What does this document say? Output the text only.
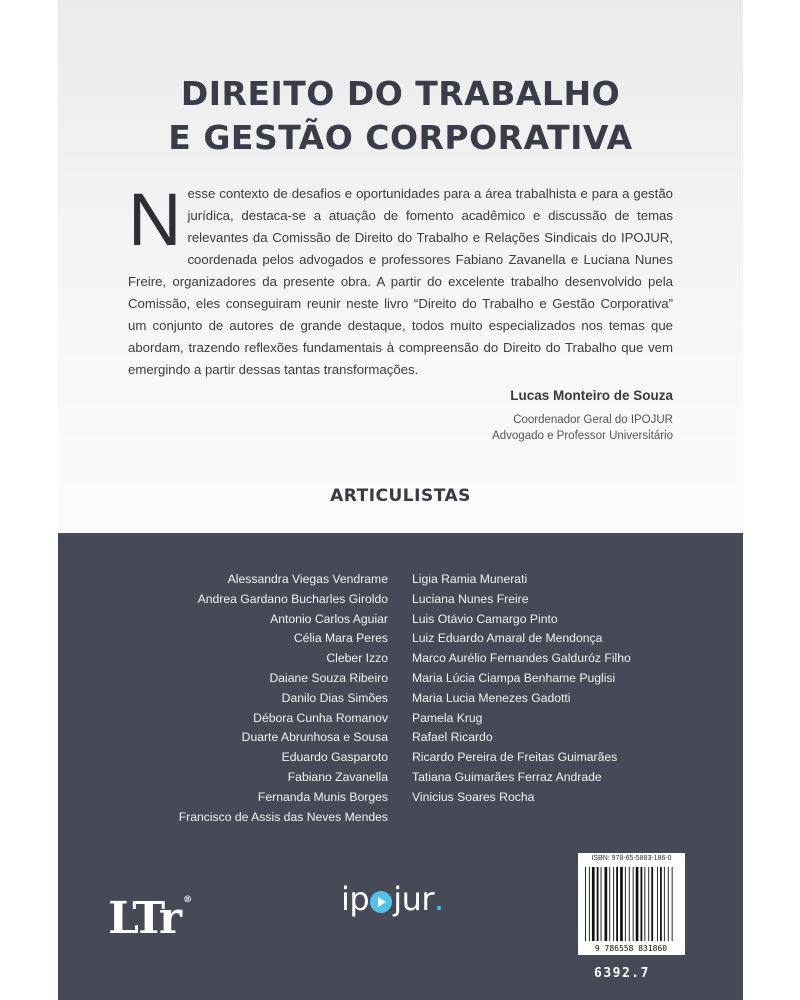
DIREITO DO TRABALHO
E GESTÃO CORPORATIVA
Nesse contexto de desafios e oportunidades para a área trabalhista e para a gestão jurídica, destaca-se a atuação de fomento acadêmico e discussão de temas relevantes da Comissão de Direito do Trabalho e Relações Sindicais do IPOJUR, coordenada pelos advogados e professores Fabiano Zavanella e Luciana Nunes Freire, organizadores da presente obra. A partir do excelente trabalho desenvolvido pela Comissão, eles conseguiram reunir neste livro “Direito do Trabalho e Gestão Corporativa” um conjunto de autores de grande destaque, todos muito especializados nos temas que abordam, trazendo reflexões fundamentais à compreensão do Direito do Trabalho que vem emergindo a partir dessas tantas transformações.
Lucas Monteiro de Souza
Coordenador Geral do IPOJUR
Advogado e Professor Universitário
ARTICULISTAS
Alessandra Viegas Vendrame
Andrea Gardano Bucharles Giroldo
Antonio Carlos Aguiar
Célia Mara Peres
Cleber Izzo
Daiane Souza Ribeiro
Danilo Dias Simões
Débora Cunha Romanov
Duarte Abrunhosa e Sousa
Eduardo Gasparoto
Fabiano Zavanella
Fernanda Munis Borges
Francisco de Assis das Neves Mendes
Ligia Ramia Munerati
Luciana Nunes Freire
Luis Otávio Camargo Pinto
Luiz Eduardo Amaral de Mendonça
Marco Aurélio Fernandes Galduróz Filho
Maria Lúcia Ciampa Benhame Puglisi
Maria Lucia Menezes Gadotti
Pamela Krug
Rafael Ricardo
Ricardo Pereira de Freitas Guimarães
Tatiana Guimarães Ferraz Andrade
Vinicius Soares Rocha
LTr ®	ip jur .
ISBN: 978-65-5883-186-0
9 786558 831860
6392.7
